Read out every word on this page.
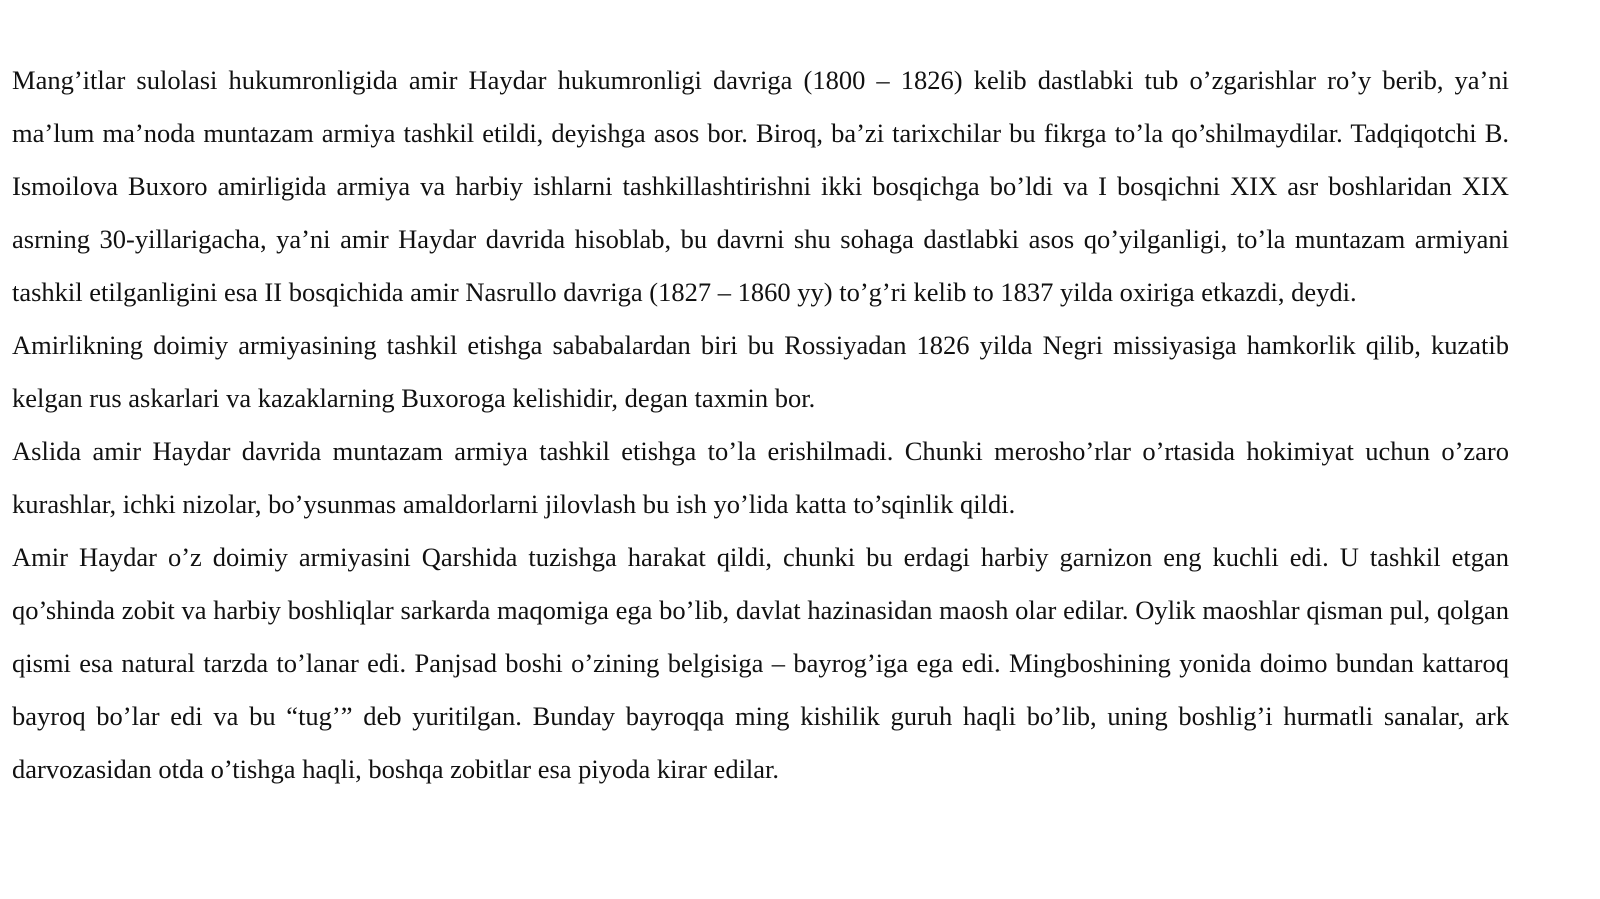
Mang’itlar sulolasi hukumronligida amir Haydar hukumronligi davriga (1800 – 1826) kelib dastlabki tub o’zgarishlar ro’y berib, ya’ni ma’lum ma’noda muntazam armiya tashkil etildi, deyishga asos bor. Biroq, ba’zi tarixchilar bu fikrga to’la qo’shilmaydilar. Tadqiqotchi B. Ismoilova Buxoro amirligida armiya va harbiy ishlarni tashkillashtirishni ikki bosqichga bo’ldi va I bosqichni XIX asr boshlaridan XIX asrning 30-yillarigacha, ya’ni amir Haydar davrida hisoblab, bu davrni shu sohaga dastlabki asos qo’yilganligi, to’la muntazam armiyani tashkil etilganligini esa II bosqichida amir Nasrullo davriga (1827 – 1860 yy) to’g’ri kelib to 1837 yilda oxiriga etkazdi, deydi.

Amirlikning doimiy armiyasining tashkil etishga sababalardan biri bu Rossiyadan 1826 yilda Negri missiyasiga hamkorlik qilib, kuzatib kelgan rus askarlari va kazaklarning Buxoroga kelishidir, degan taxmin bor.

Aslida amir Haydar davrida muntazam armiya tashkil etishga to’la erishilmadi. Chunki merosho’rlar o’rtasida hokimiyat uchun o’zaro kurashlar, ichki nizolar, bo’ysunmas amaldorlarni jilovlash bu ish yo’lida katta to’sqinlik qildi.

Amir Haydar o’z doimiy armiyasini Qarshida tuzishga harakat qildi, chunki bu erdagi harbiy garnizon eng kuchli edi. U tashkil etgan qo’shinda zobit va harbiy boshliqlar sarkarda maqomiga ega bo’lib, davlat hazinasidan maosh olar edilar. Oylik maoshlar qisman pul, qolgan qismi esa natural tarzda to’lanar edi. Panjsad boshi o’zining belgisiga – bayrog’iga ega edi. Mingboshining yonida doimo bundan kattaroq bayroq bo’lar edi va bu “tug’” deb yuritilgan. Bunday bayroqqa ming kishilik guruh haqli bo’lib, uning boshlig’i hurmatli sanalar, ark darvozasidan otda o’tishga haqli, boshqa zobitlar esa piyoda kirar edilar.
